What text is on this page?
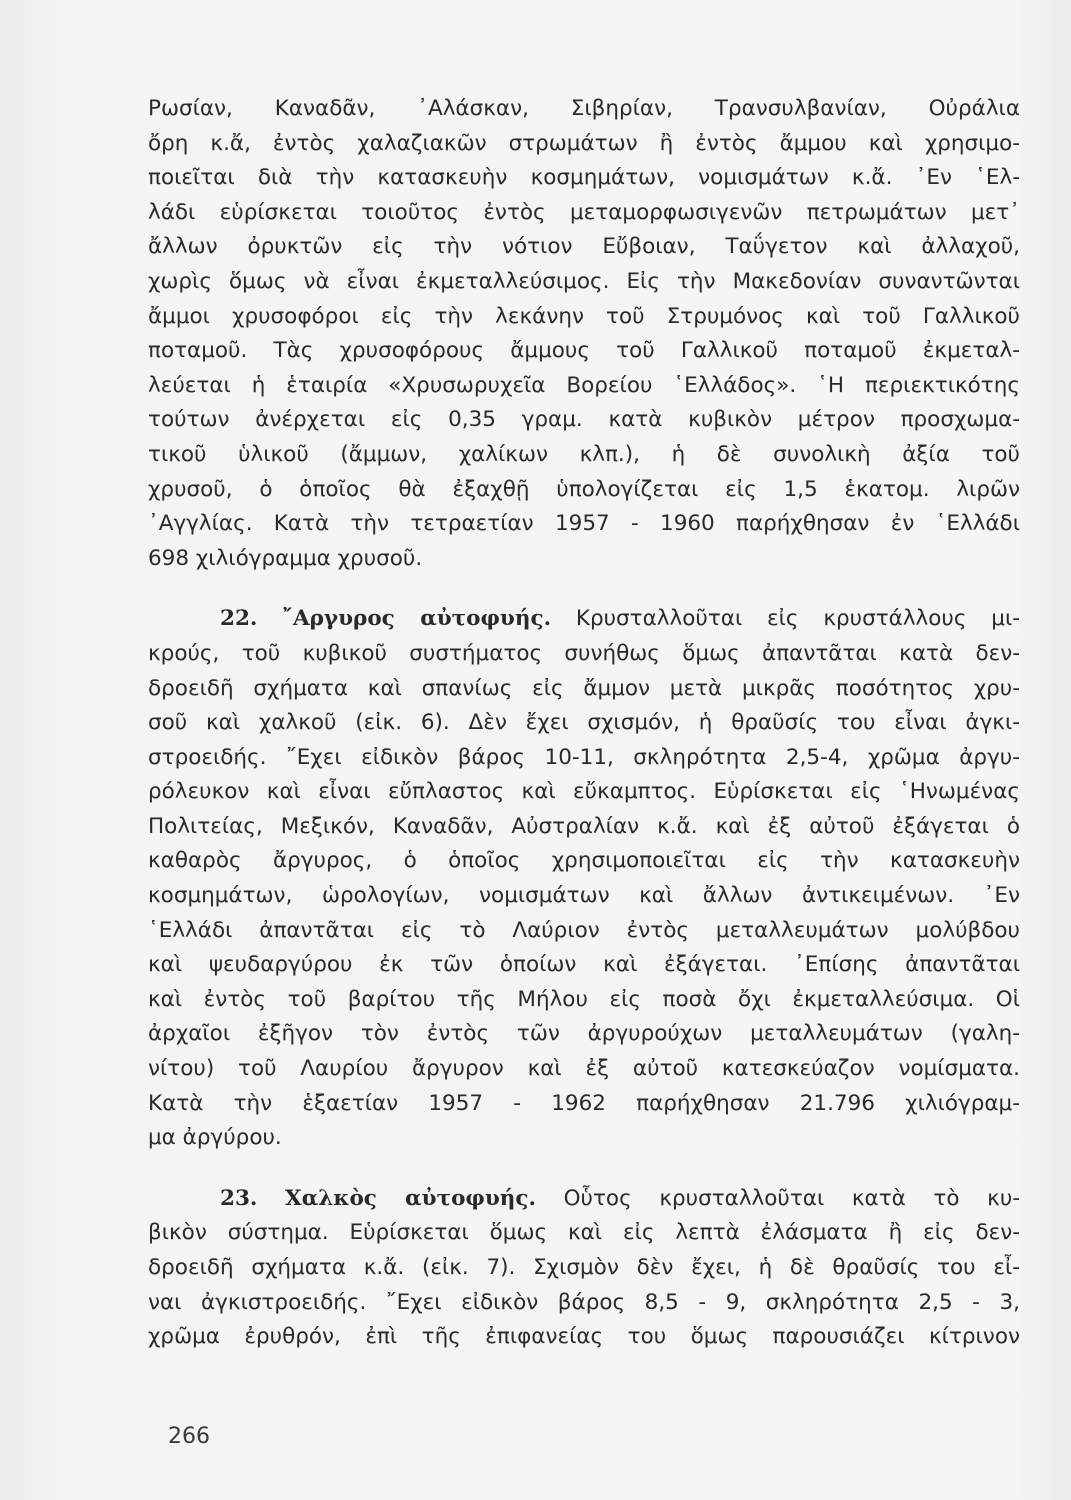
Ρωσίαν, Καναδᾶν, ᾿Αλάσκαν, Σιβηρίαν, Τρανσυλβανίαν, Οὐράλια
ὄρη κ.ἄ, ἐντὸς χαλαζιακῶν στρωμάτων ἢ ἐντὸς ἄμμου καὶ χρησιμο-
ποιεῖται διὰ τὴν κατασκευὴν κοσμημάτων, νομισμάτων κ.ἄ. ᾿Εν ῾Ελ-
λάδι εὑρίσκεται τοιοῦτος ἐντὸς μεταμορφωσιγενῶν πετρωμάτων μετ᾿
ἄλλων ὀρυκτῶν εἰς τὴν νότιον Εὔβοιαν, Ταΰγετον καὶ ἀλλαχοῦ,
χωρὶς ὅμως νὰ εἶναι ἐκμεταλλεύσιμος. Εἰς τὴν Μακεδονίαν συναντῶνται
ἄμμοι χρυσοφόροι εἰς τὴν λεκάνην τοῦ Στρυμόνος καὶ τοῦ Γαλλικοῦ
ποταμοῦ. Τὰς χρυσοφόρους ἄμμους τοῦ Γαλλικοῦ ποταμοῦ ἐκμεταλ-
λεύεται ἡ ἑταιρία «Χρυσωρυχεῖα Βορείου ῾Ελλάδος». ῾Η περιεκτικότης
τούτων ἀνέρχεται εἰς 0,35 γραμ. κατὰ κυβικὸν μέτρον προσχωμα-
τικοῦ ὑλικοῦ (ἄμμων, χαλίκων κλπ.), ἡ δὲ συνολικὴ ἀξία τοῦ
χρυσοῦ, ὁ ὁποῖος θὰ ἐξαχθῇ ὑπολογίζεται εἰς 1,5 ἑκατομ. λιρῶν
᾿Αγγλίας. Κατὰ τὴν τετραετίαν 1957 - 1960 παρήχθησαν ἐν ῾Ελλάδι
698 χιλιόγραμμα χρυσοῦ.
22. ῎Αργυρος αὐτοφυής. Κρυσταλλοῦται εἰς κρυστάλλους μι-
κρούς, τοῦ κυβικοῦ συστήματος συνήθως ὅμως ἀπαντᾶται κατὰ δεν-
δροειδῆ σχήματα καὶ σπανίως εἰς ἄμμον μετὰ μικρᾶς ποσότητος χρυ-
σοῦ καὶ χαλκοῦ (εἰκ. 6). Δὲν ἔχει σχισμόν, ἡ θραῦσίς του εἶναι ἀγκι-
στροειδής. ῎Εχει εἰδικὸν βάρος 10-11, σκληρότητα 2,5-4, χρῶμα ἀργυ-
ρόλευκον καὶ εἶναι εὔπλαστος καὶ εὔκαμπτος. Εὑρίσκεται εἰς ῾Ηνωμένας
Πολιτείας, Μεξικόν, Καναδᾶν, Αὐστραλίαν κ.ἄ. καὶ ἐξ αὐτοῦ ἐξάγεται ὁ
καθαρὸς ἄργυρος, ὁ ὁποῖος χρησιμοποιεῖται εἰς τὴν κατασκευὴν
κοσμημάτων, ὡρολογίων, νομισμάτων καὶ ἄλλων ἀντικειμένων. ᾿Εν
῾Ελλάδι ἀπαντᾶται εἰς τὸ Λαύριον ἐντὸς μεταλλευμάτων μολύβδου
καὶ ψευδαργύρου ἐκ τῶν ὁποίων καὶ ἐξάγεται. ᾿Επίσης ἀπαντᾶται
καὶ ἐντὸς τοῦ βαρίτου τῆς Μήλου εἰς ποσὰ ὄχι ἐκμεταλλεύσιμα. Οἱ
ἀρχαῖοι ἐξῆγον τὸν ἐντὸς τῶν ἀργυρούχων μεταλλευμάτων (γαλη-
νίτου) τοῦ Λαυρίου ἄργυρον καὶ ἐξ αὐτοῦ κατεσκεύαζον νομίσματα.
Κατὰ τὴν ἑξαετίαν 1957 - 1962 παρήχθησαν 21.796 χιλιόγραμ-
μα ἀργύρου.
23. Χαλκὸς αὐτοφυής. Οὗτος κρυσταλλοῦται κατὰ τὸ κυ-
βικὸν σύστημα. Εὑρίσκεται ὅμως καὶ εἰς λεπτὰ ἐλάσματα ἢ εἰς δεν-
δροειδῆ σχήματα κ.ἄ. (εἰκ. 7). Σχισμὸν δὲν ἔχει, ἡ δὲ θραῦσίς του εἶ-
ναι ἀγκιστροειδής. ῎Εχει εἰδικὸν βάρος 8,5 - 9, σκληρότητα 2,5 - 3,
χρῶμα ἐρυθρόν, ἐπὶ τῆς ἐπιφανείας του ὅμως παρουσιάζει κίτρινον
266
